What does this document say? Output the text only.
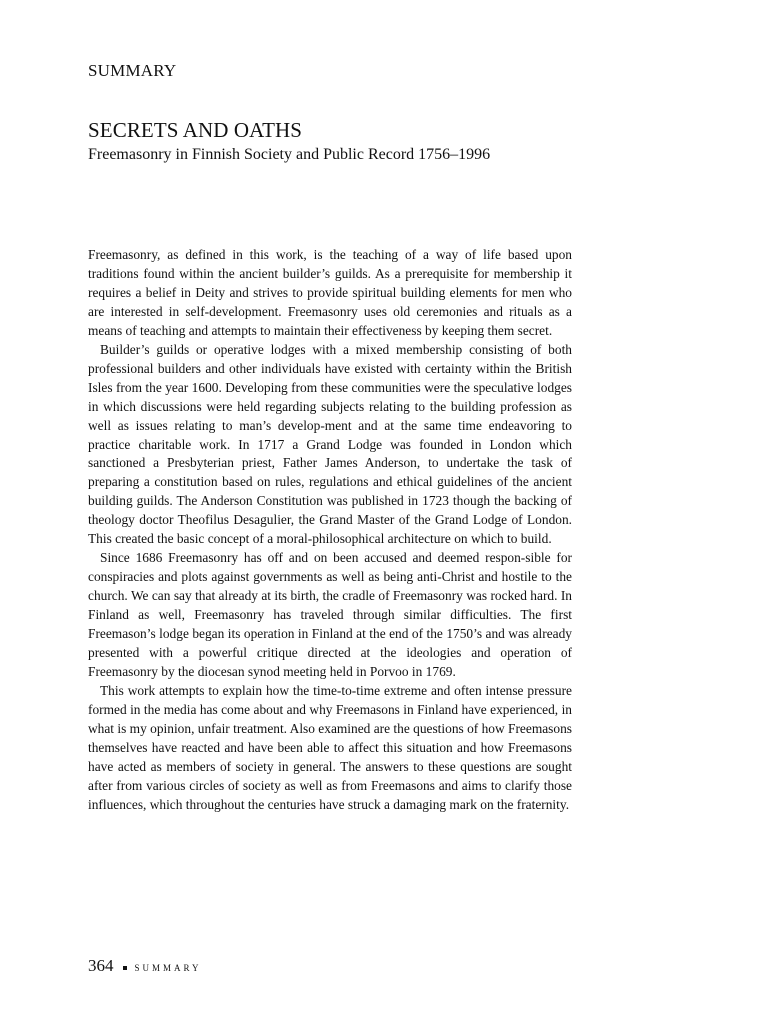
SUMMARY
SECRETS AND OATHS
Freemasonry in Finnish Society and Public Record 1756–1996

Freemasonry, as defined in this work, is the teaching of a way of life based upon traditions found within the ancient builder’s guilds. As a prerequisite for membership it requires a belief in Deity and strives to provide spiritual building elements for men who are interested in self-development. Freemasonry uses old ceremonies and rituals as a means of teaching and attempts to maintain their effectiveness by keeping them secret.

Builder’s guilds or operative lodges with a mixed membership consisting of both professional builders and other individuals have existed with certainty within the British Isles from the year 1600. Developing from these communities were the speculative lodges in which discussions were held regarding subjects relating to the building profession as well as issues relating to man’s develop-ment and at the same time endeavoring to practice charitable work. In 1717 a Grand Lodge was founded in London which sanctioned a Presbyterian priest, Father James Anderson, to undertake the task of preparing a constitution based on rules, regulations and ethical guidelines of the ancient building guilds. The Anderson Constitution was published in 1723 though the backing of theology doctor Theofilus Desagulier, the Grand Master of the Grand Lodge of London. This created the basic concept of a moral-philosophical architecture on which to build.

Since 1686 Freemasonry has off and on been accused and deemed respon-sible for conspiracies and plots against governments as well as being anti-Christ and hostile to the church. We can say that already at its birth, the cradle of Freemasonry was rocked hard. In Finland as well, Freemasonry has traveled through similar difficulties. The first Freemason’s lodge began its operation in Finland at the end of the 1750’s and was already presented with a powerful critique directed at the ideologies and operation of Freemasonry by the diocesan synod meeting held in Porvoo in 1769.

This work attempts to explain how the time-to-time extreme and often intense pressure formed in the media has come about and why Freemasons in Finland have experienced, in what is my opinion, unfair treatment. Also examined are the questions of how Freemasons themselves have reacted and have been able to affect this situation and how Freemasons have acted as members of society in general. The answers to these questions are sought after from various circles of society as well as from Freemasons and aims to clarify those influences, which throughout the centuries have struck a damaging mark on the fraternity.

364 SUMMARY
